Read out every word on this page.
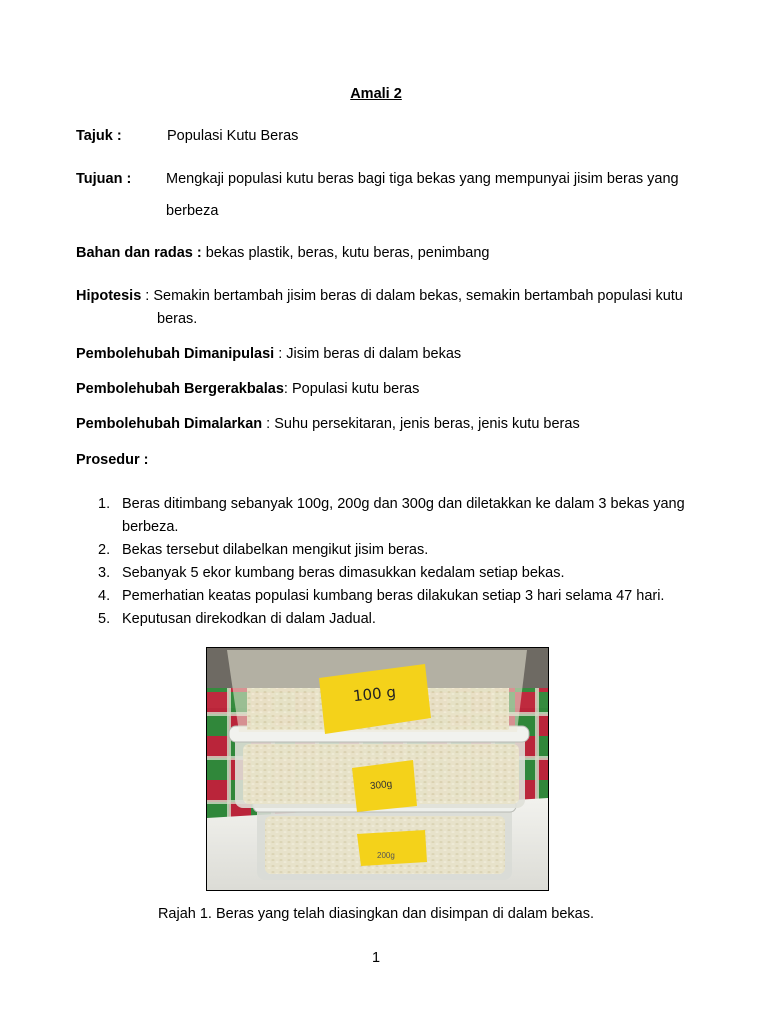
Amali 2
Tajuk :	Populasi Kutu Beras
Tujuan : Mengkaji populasi kutu beras bagi tiga bekas yang mempunyai jisim beras yang
berbeza
Bahan dan radas : bekas plastik, beras, kutu beras, penimbang
Hipotesis : Semakin bertambah jisim beras di dalam bekas, semakin bertambah populasi kutu
beras.
Pembolehubah Dimanipulasi : Jisim beras di dalam bekas
Pembolehubah Bergerakbalas: Populasi kutu beras
Pembolehubah Dimalarkan : Suhu persekitaran, jenis beras, jenis kutu beras
Prosedur :
1. Beras ditimbang sebanyak 100g, 200g dan 300g dan diletakkan ke dalam 3 bekas yang berbeza.
2. Bekas tersebut dilabelkan mengikut jisim beras.
3. Sebanyak 5 ekor kumbang beras dimasukkan kedalam setiap bekas.
4. Pemerhatian keatas populasi kumbang beras dilakukan setiap 3 hari selama 47 hari.
5. Keputusan direkodkan di dalam Jadual.
100 g
300g
200g
Rajah 1. Beras yang telah diasingkan dan disimpan di dalam bekas.
1
